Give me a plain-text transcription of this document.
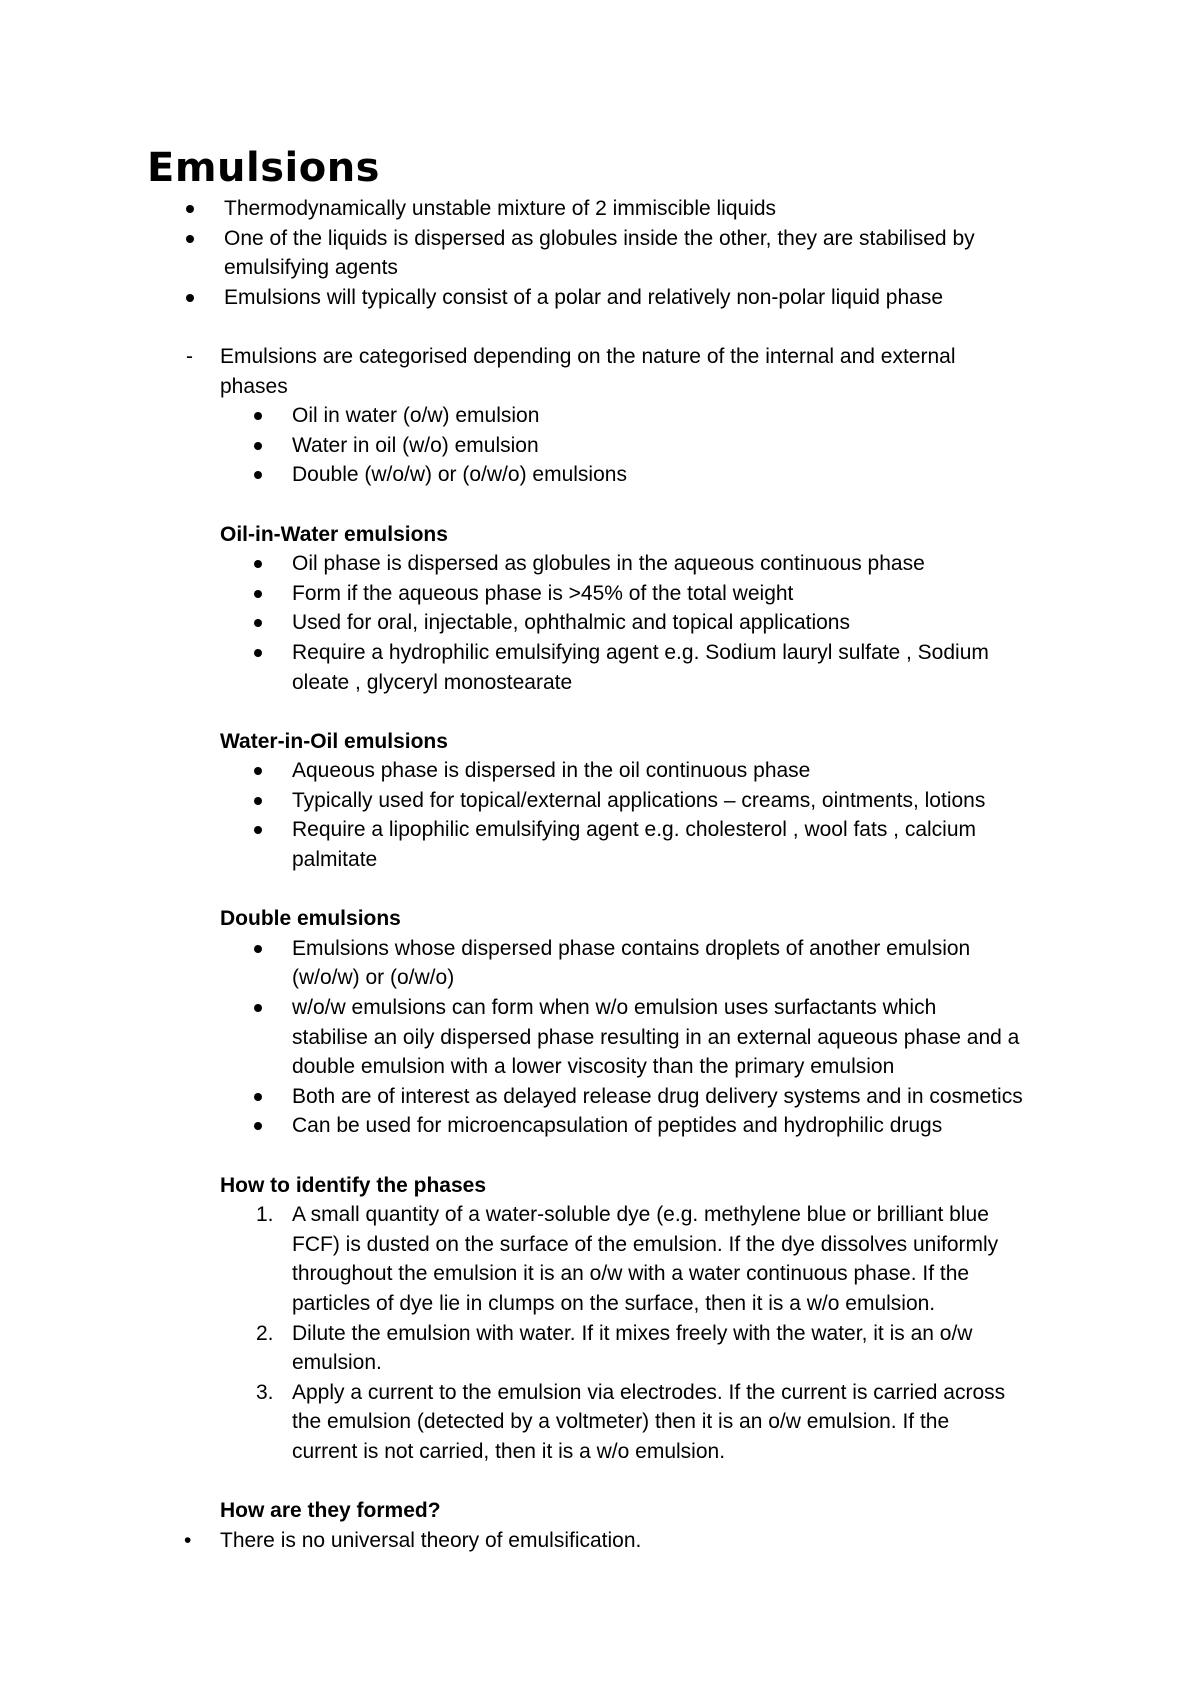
Emulsions
Thermodynamically unstable mixture of 2 immiscible liquids
One of the liquids is dispersed as globules inside the other, they are stabilised by
emulsifying agents
Emulsions will typically consist of a polar and relatively non-polar liquid phase
- Emulsions are categorised depending on the nature of the internal and external
phases
Oil in water (o/w) emulsion
Water in oil (w/o) emulsion
Double (w/o/w) or (o/w/o) emulsions
Oil-in-Water emulsions
Oil phase is dispersed as globules in the aqueous continuous phase
Form if the aqueous phase is >45% of the total weight
Used for oral, injectable, ophthalmic and topical applications
Require a hydrophilic emulsifying agent e.g. Sodium lauryl sulfate , Sodium
oleate , glyceryl monostearate
Water-in-Oil emulsions
Aqueous phase is dispersed in the oil continuous phase
Typically used for topical/external applications – creams, ointments, lotions
Require a lipophilic emulsifying agent e.g. cholesterol , wool fats , calcium
palmitate
Double emulsions
Emulsions whose dispersed phase contains droplets of another emulsion
(w/o/w) or (o/w/o)
w/o/w emulsions can form when w/o emulsion uses surfactants which
stabilise an oily dispersed phase resulting in an external aqueous phase and a
double emulsion with a lower viscosity than the primary emulsion
Both are of interest as delayed release drug delivery systems and in cosmetics
Can be used for microencapsulation of peptides and hydrophilic drugs
How to identify the phases
1. A small quantity of a water-soluble dye (e.g. methylene blue or brilliant blue
FCF) is dusted on the surface of the emulsion. If the dye dissolves uniformly
throughout the emulsion it is an o/w with a water continuous phase. If the
particles of dye lie in clumps on the surface, then it is a w/o emulsion.
2. Dilute the emulsion with water. If it mixes freely with the water, it is an o/w
emulsion.
3. Apply a current to the emulsion via electrodes. If the current is carried across
the emulsion (detected by a voltmeter) then it is an o/w emulsion. If the
current is not carried, then it is a w/o emulsion.
How are they formed?
• There is no universal theory of emulsification.
